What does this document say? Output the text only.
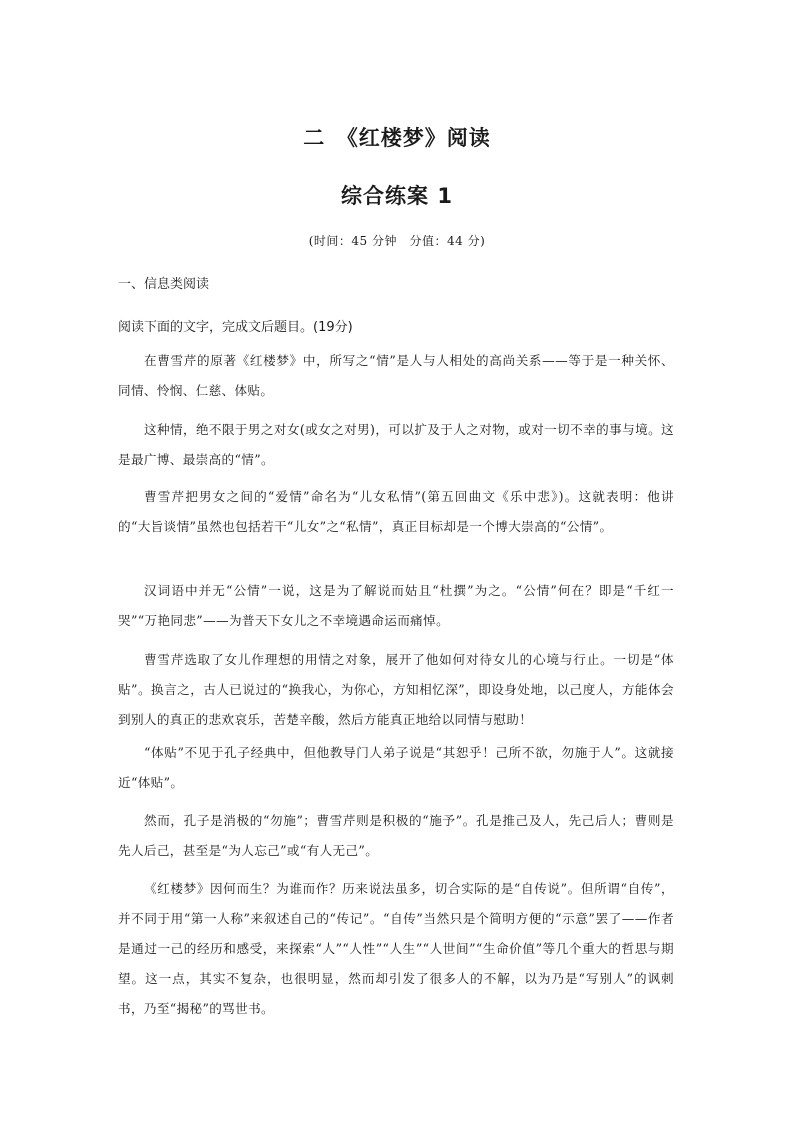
二　《红楼梦》阅读
综合练案 1
(时间：45 分钟　分值：44 分)
一、信息类阅读
阅读下面的文字，完成文后题目。(19分)
在曹雪芹的原著《红楼梦》中，所写之“情”是人与人相处的高尚关系——等于是一种关怀、同情、怜悯、仁慈、体贴。
这种情，绝不限于男之对女(或女之对男)，可以扩及于人之对物，或对一切不幸的事与境。这是最广博、最崇高的“情”。
曹雪芹把男女之间的“爱情”命名为“儿女私情”(第五回曲文《乐中悲》)。这就表明：他讲的“大旨谈情”虽然也包括若干“儿女”之“私情”，真正目标却是一个博大崇高的“公情”。
汉词语中并无“公情”一说，这是为了解说而姑且“杜撰”为之。“公情”何在？即是“千红一哭”“万艳同悲”——为普天下女儿之不幸境遇命运而痛悼。
曹雪芹选取了女儿作理想的用情之对象，展开了他如何对待女儿的心境与行止。一切是“体贴”。换言之，古人已说过的“换我心，为你心，方知相忆深”，即设身处地，以己度人，方能体会到别人的真正的悲欢哀乐，苦楚辛酸，然后方能真正地给以同情与慰助！
“体贴”不见于孔子经典中，但他教导门人弟子说是“其恕乎！己所不欲，勿施于人”。这就接近“体贴”。
然而，孔子是消极的“勿施”；曹雪芹则是积极的“施予”。孔是推己及人，先己后人；曹则是先人后己，甚至是“为人忘己”或“有人无己”。
《红楼梦》因何而生？为谁而作？历来说法虽多，切合实际的是“自传说”。但所谓“自传”，并不同于用“第一人称”来叙述自己的“传记”。“自传”当然只是个简明方便的“示意”罢了——作者是通过一己的经历和感受，来探索“人”“人性”“人生”“人世间”“生命价值”等几个重大的哲思与期望。这一点，其实不复杂，也很明显，然而却引发了很多人的不解，以为乃是“写别人”的讽刺书，乃至“揭秘”的骂世书。
